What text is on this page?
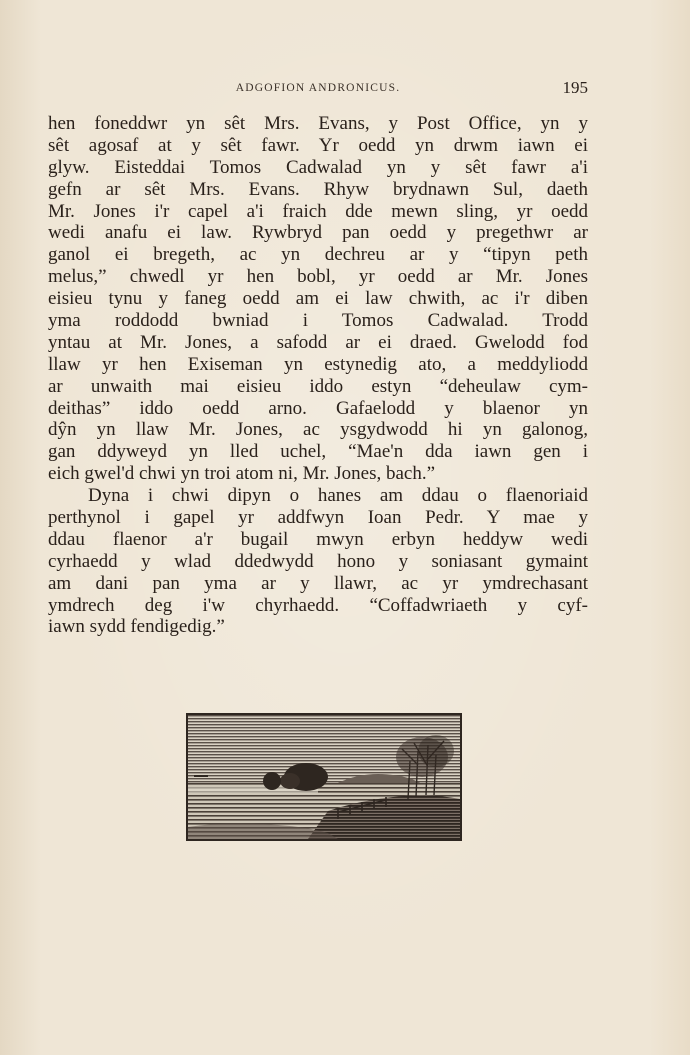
ADGOFION ANDRONICUS.	195
hen foneddwr yn sêt Mrs. Evans, y Post Office, yn y
sêt agosaf at y sêt fawr. Yr oedd yn drwm iawn ei
glyw. Eisteddai Tomos Cadwalad yn y sêt fawr a'i
gefn ar sêt Mrs. Evans. Rhyw brydnawn Sul, daeth
Mr. Jones i'r capel a'i fraich dde mewn sling, yr oedd
wedi anafu ei law. Rywbryd pan oedd y pregethwr ar
ganol ei bregeth, ac yn dechreu ar y “tipyn peth
melus,” chwedl yr hen bobl, yr oedd ar Mr. Jones
eisieu tynu y faneg oedd am ei law chwith, ac i'r diben
yma roddodd bwniad i Tomos Cadwalad. Trodd
yntau at Mr. Jones, a safodd ar ei draed. Gwelodd fod
llaw yr hen Exiseman yn estynedig ato, a meddyliodd
ar unwaith mai eisieu iddo estyn “deheulaw cym-
deithas” iddo oedd arno. Gafaelodd y blaenor yn
dŷn yn llaw Mr. Jones, ac ysgydwodd hi yn galonog,
gan ddyweyd yn lled uchel, “Mae'n dda iawn gen i
eich gwel'd chwi yn troi atom ni, Mr. Jones, bach.”
Dyna i chwi dipyn o hanes am ddau o flaenoriaid
perthynol i gapel yr addfwyn Ioan Pedr. Y mae y
ddau flaenor a'r bugail mwyn erbyn heddyw wedi
cyrhaedd y wlad ddedwydd hono y soniasant gymaint
am dani pan yma ar y llawr, ac yr ymdrechasant
ymdrech deg i'w chyrhaedd. “Coffadwriaeth y cyf-
iawn sydd fendigedig.”
